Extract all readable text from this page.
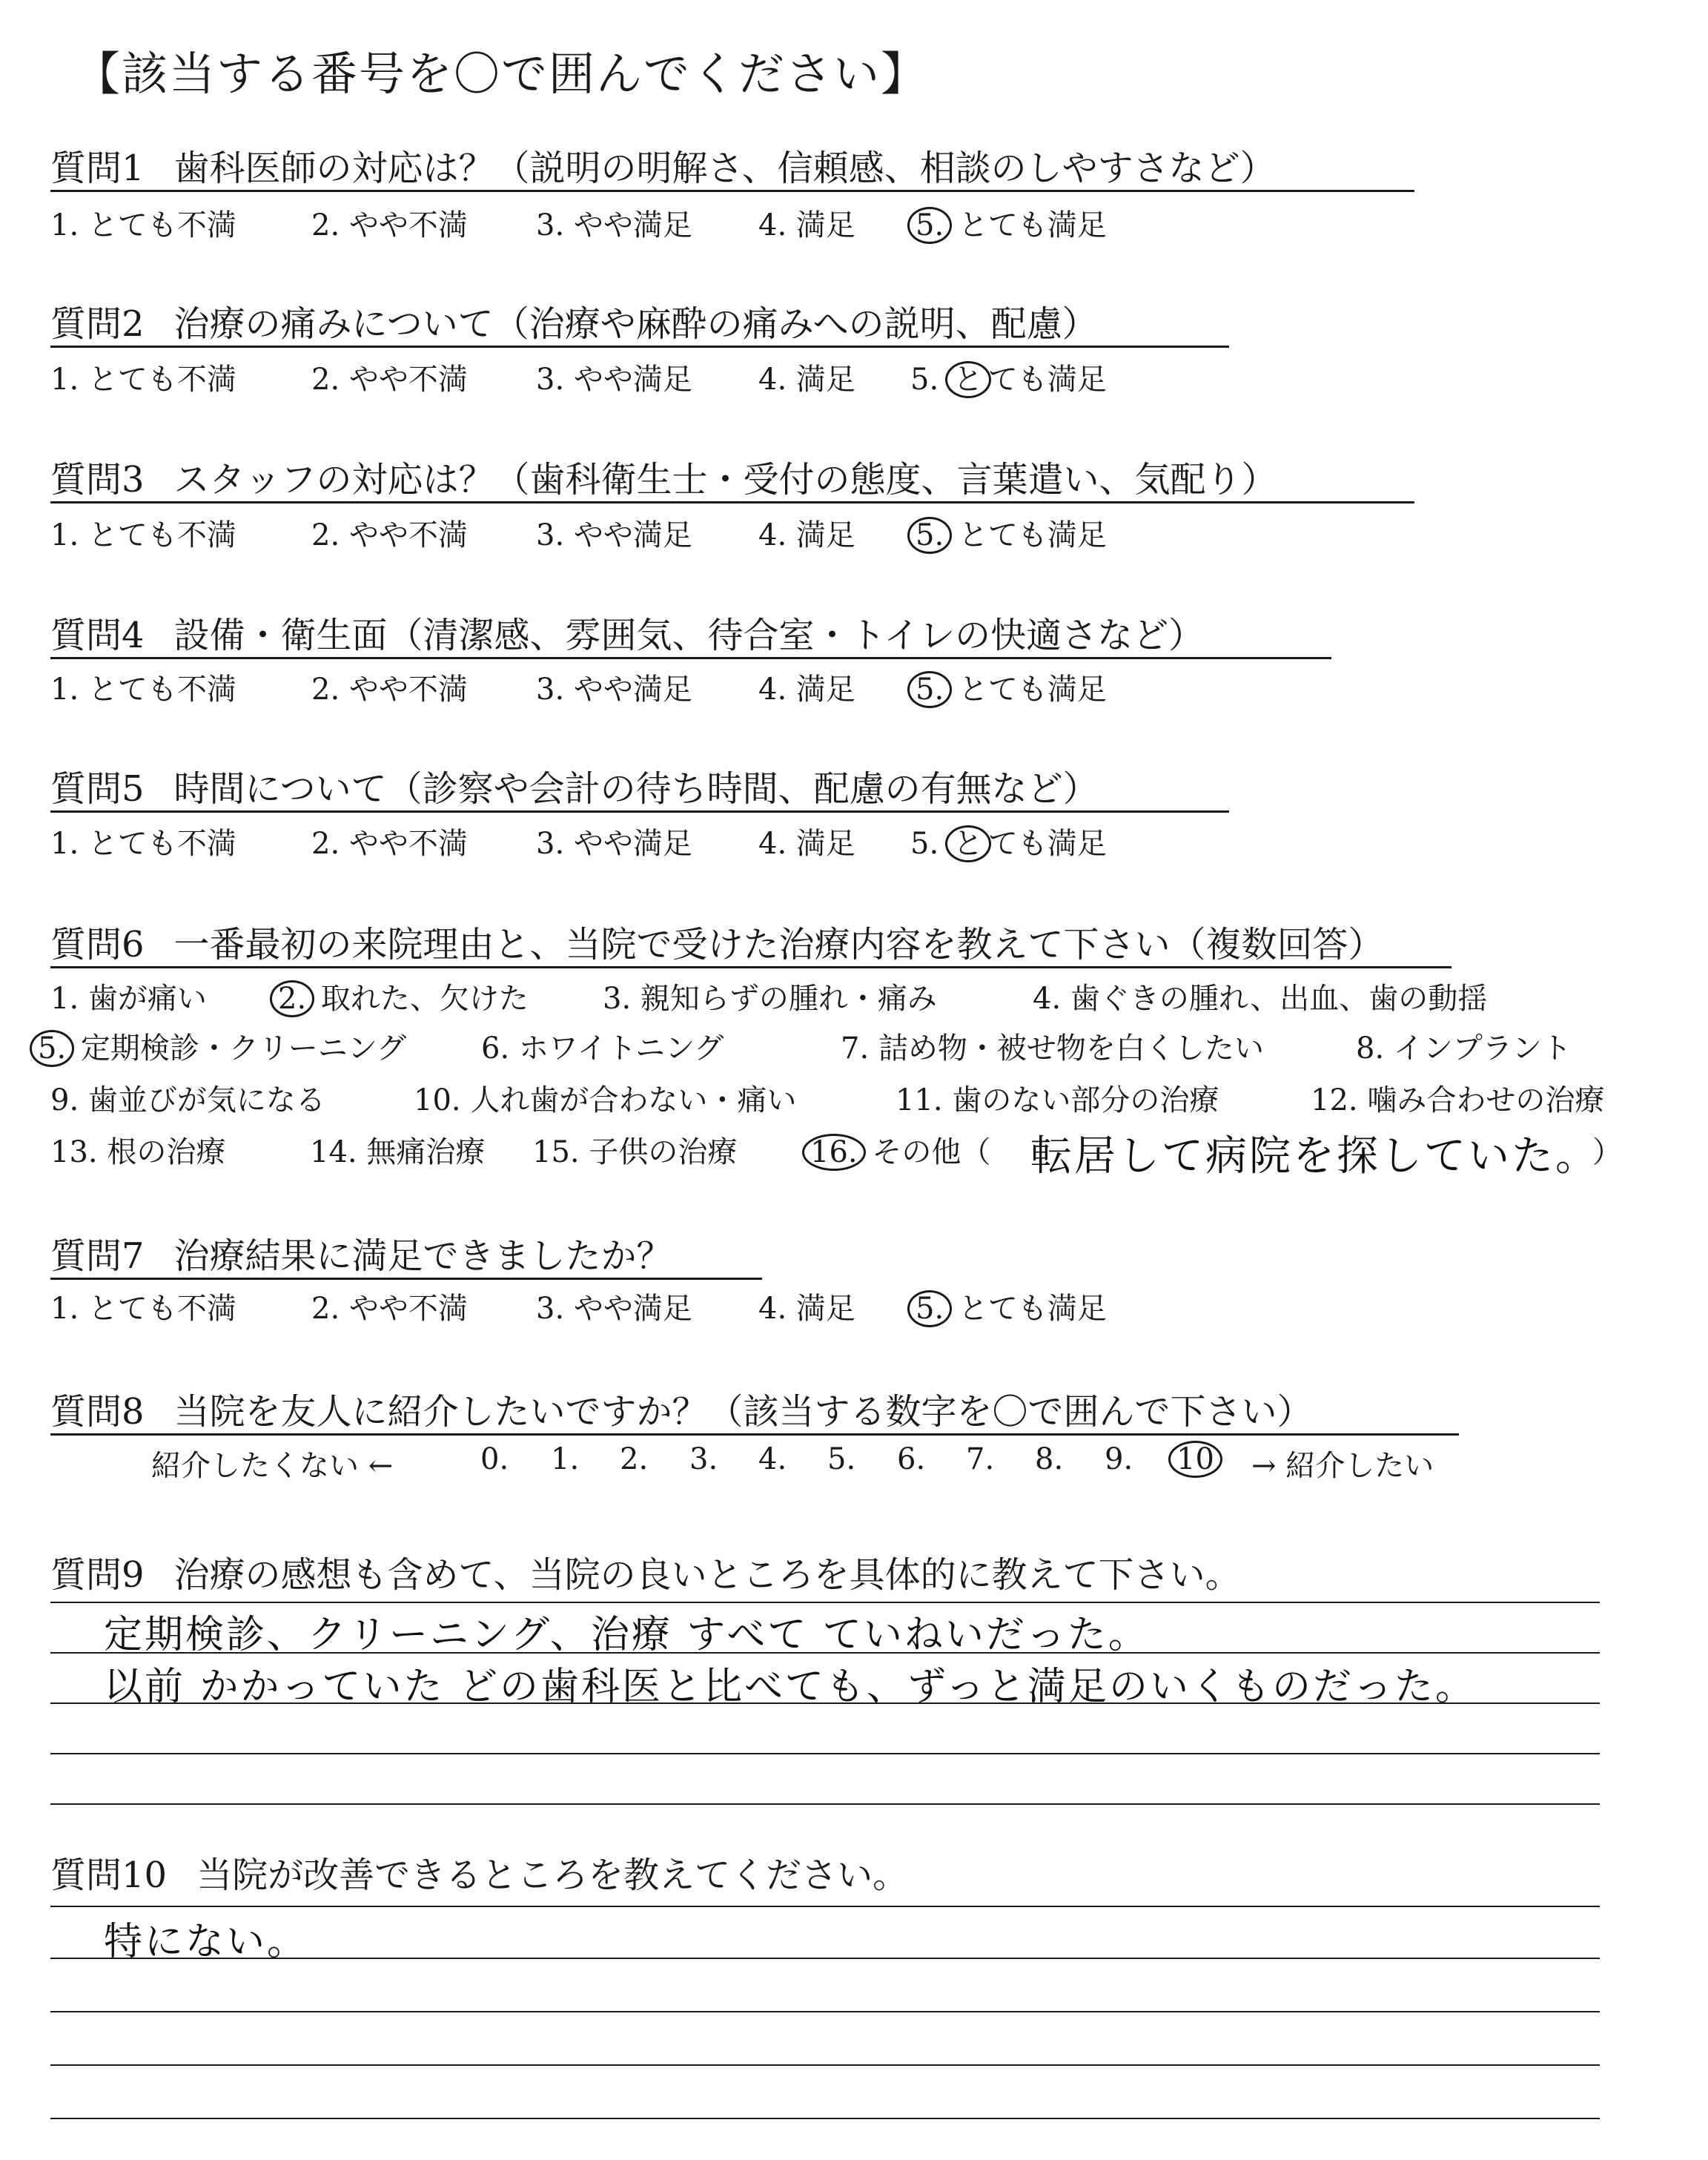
【該当する番号を〇で囲んでください】
質問1 歯科医師の対応は？（説明の明解さ、信頼感、相談のしやすさなど）
1. とても不満	2. やや不満 3. やや満足 4. 満足 5. とても満足
質問2 治療の痛みについて（治療や麻酔の痛みへの説明、配慮）
1. とても不満	2. やや不満 3. やや満足 4. 満足 5. と ても満足
質問3 スタッフの対応は？（歯科衛生士・受付の態度、言葉遣い、気配り）
1. とても不満	2. やや不満 3. やや満足 4. 満足 5. とても満足
質問4 設備・衛生面（清潔感、雰囲気、待合室・トイレの快適さなど）
1. とても不満	2. やや不満 3. やや満足 4. 満足 5. とても満足
質問5 時間について（診察や会計の待ち時間、配慮の有無など）
1. とても不満	2. やや不満 3. やや満足 4. 満足 5. と ても満足
質問6 一番最初の来院理由と、当院で受けた治療内容を教えて下さい（複数回答）
1. 歯が痛い 2. 取れた、欠けた	3. 親知らずの腫れ・痛み	4. 歯ぐきの腫れ、出血、歯の動揺
5. 定期検診・クリーニング	6. ホワイトニング	7. 詰め物・被せ物を白くしたい	8. インプラント
9. 歯並びが気になる	10. 人れ歯が合わない・痛い	11. 歯のない部分の治療	12. 噛み合わせの治療
13. 根の治療	14. 無痛治療 15. 子供の治療 16. その他（	）
転居して病院を探していた。
質問7 治療結果に満足できましたか？
1. とても不満	2. やや不満 3. やや満足 4. 満足 5. とても満足
質問8 当院を友人に紹介したいですか？（該当する数字を〇で囲んで下さい）
紹介したくない ←	0. 1. 2. 3. 4. 5. 6. 7. 8. 9. 10 → 紹介したい
質問9 治療の感想も含めて、当院の良いところを具体的に教えて下さい。
定期検診、クリーニング、治療 すべて ていねいだった。
以前 かかっていた どの歯科医と比べても、ずっと満足のいくものだった。
質問10 当院が改善できるところを教えてください。
特にない。
